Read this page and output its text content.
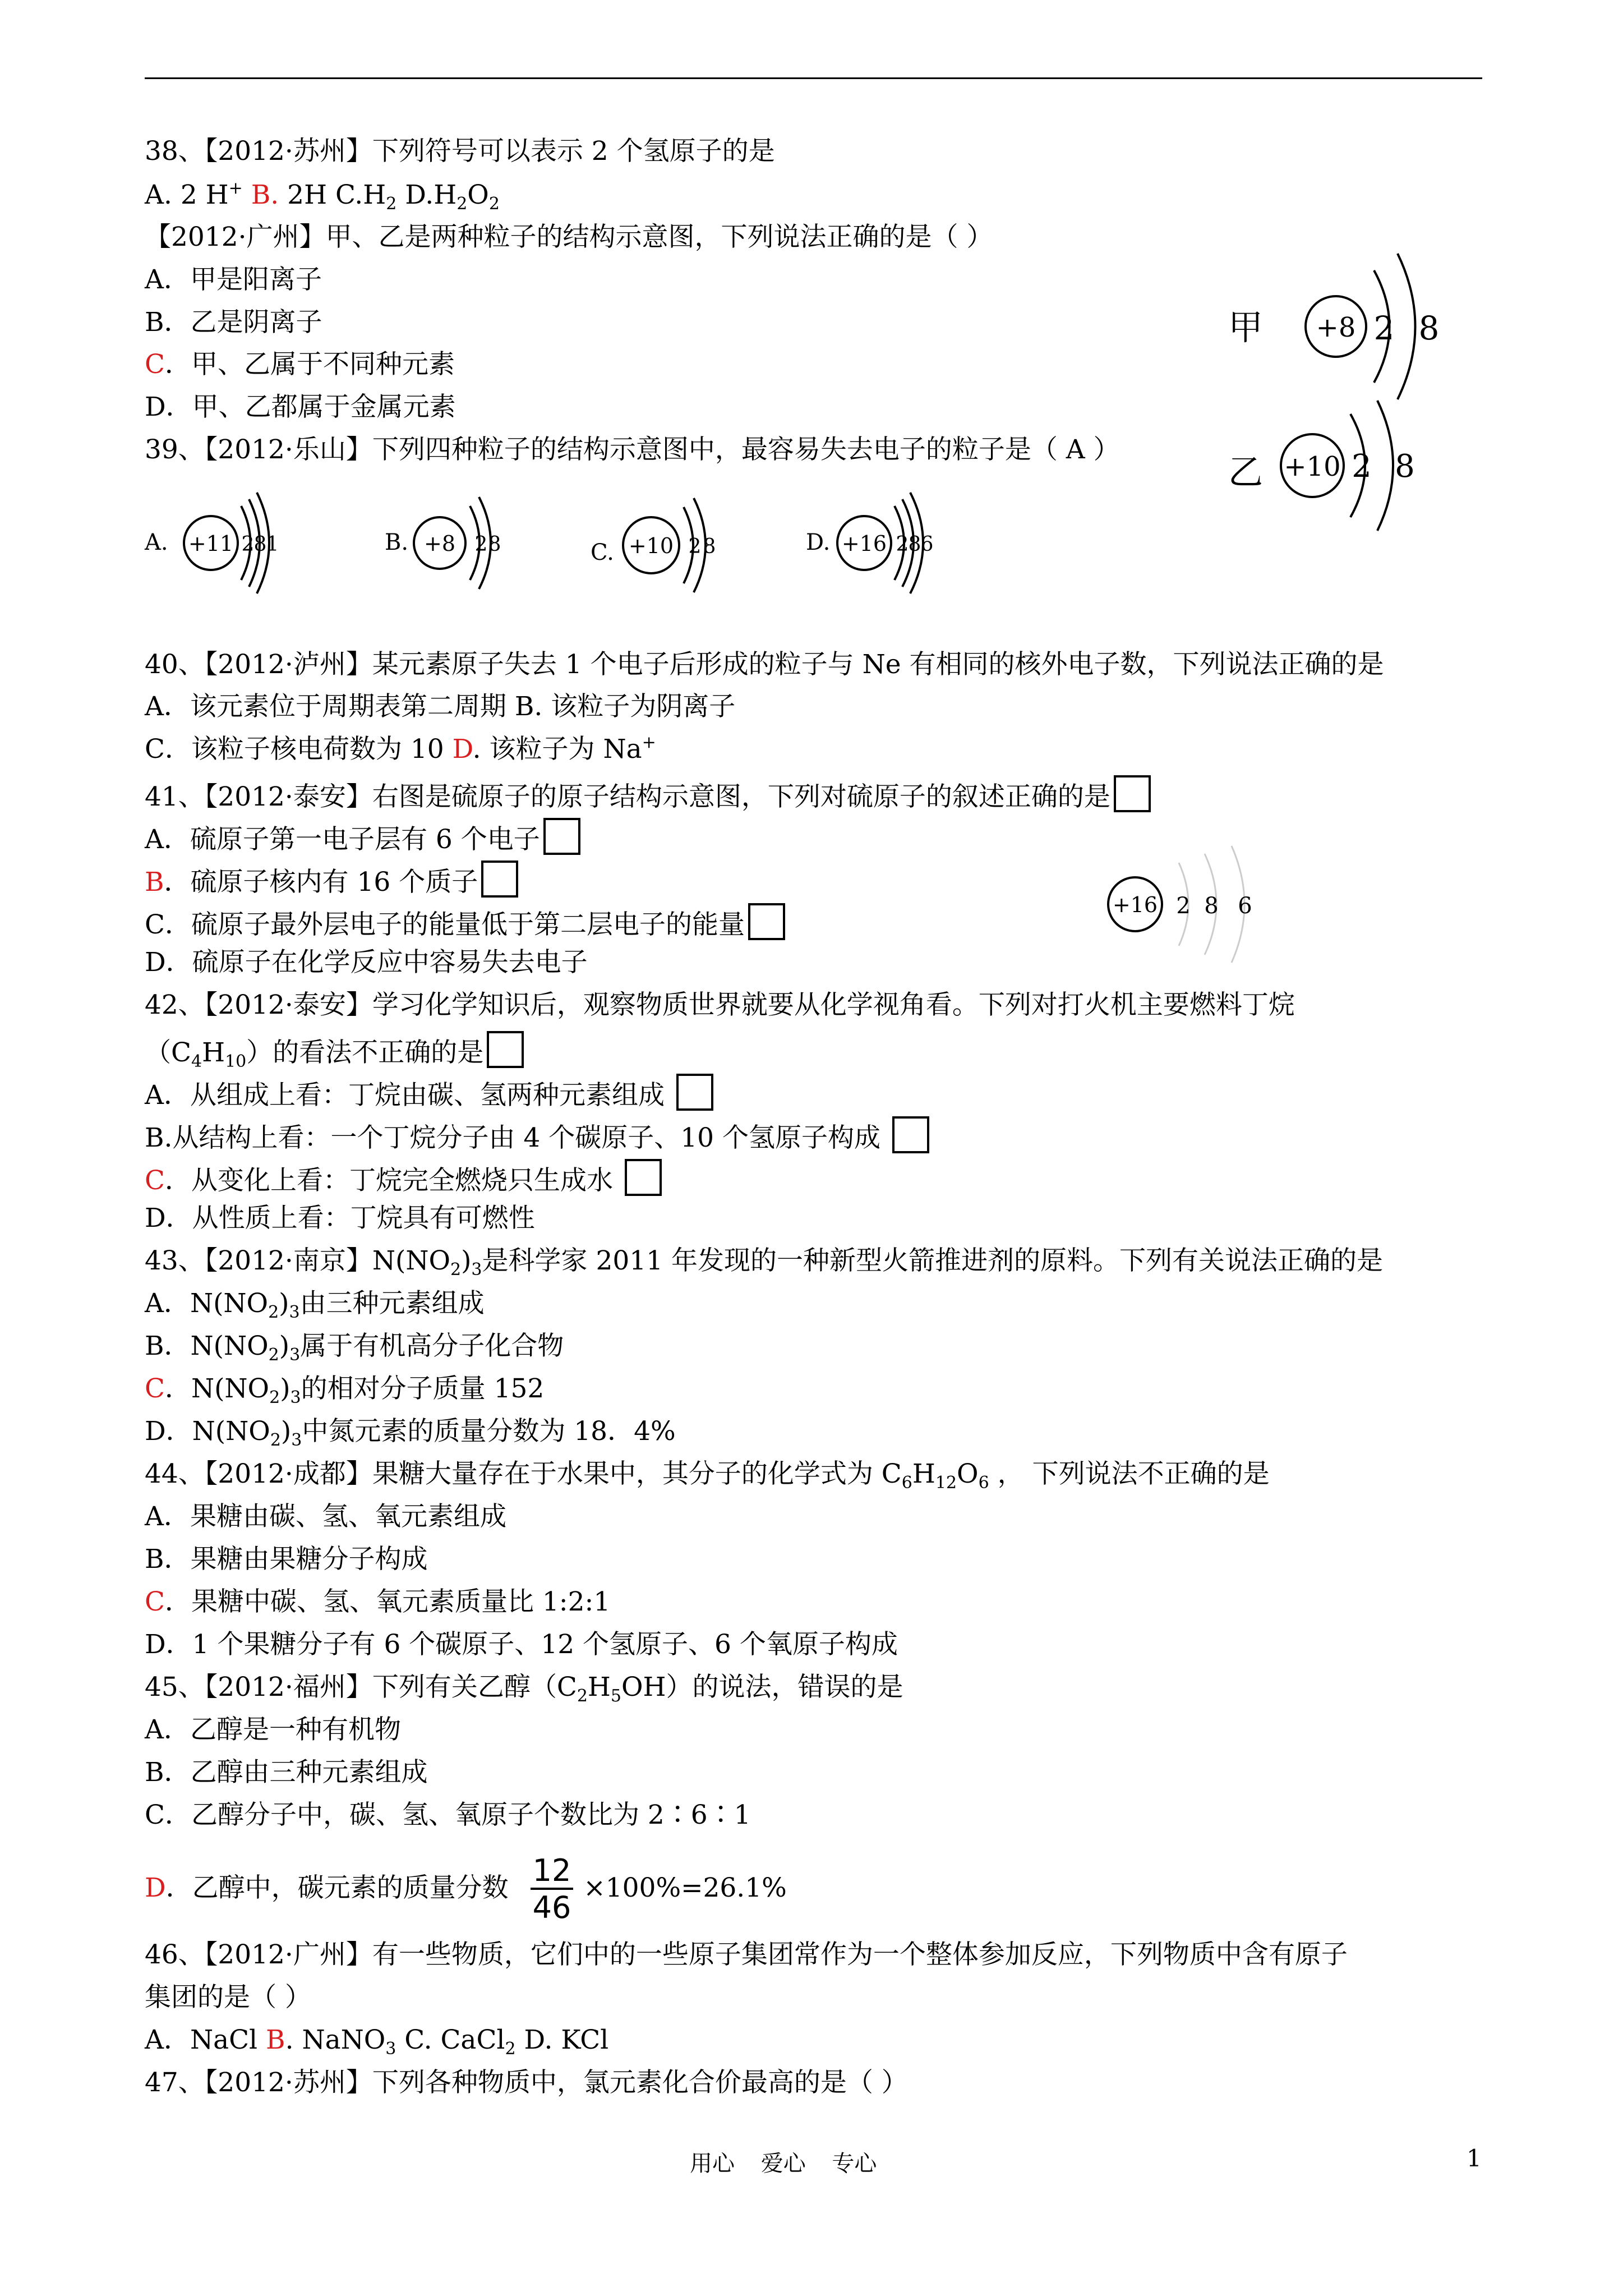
38、【2012·苏州】下列符号可以表示 2 个氢原子的是
A. 2 H+ B. 2H $C.H_2$ $D.H_2O_2$
【2012·广州】甲、乙是两种粒子的结构示意图，下列说法正确的是（ ）
A．甲是阳离子
B．乙是阴离子
C．甲、乙属于不同种元素
D．甲、乙都属于金属元素
39、【2012·乐山】下列四种粒子的结构示意图中，最容易失去电子的粒子是（ A ）
40、【2012·泸州】某元素原子失去 1 个电子后形成的粒子与 Ne 有相同的核外电子数，下列说法正确的是
A．该元素位于周期表第二周期 B. 该粒子为阴离子
C．该粒子核电荷数为 10 D. 该粒子为 Na+
41、【2012·泰安】右图是硫原子的原子结构示意图，下列对硫原子的叙述正确的是
A．硫原子第一电子层有 6 个电子
B．硫原子核内有 16 个质子
C．硫原子最外层电子的能量低于第二层电子的能量
D．硫原子在化学反应中容易失去电子
42、【2012·泰安】学习化学知识后，观察物质世界就要从化学视角看。下列对打火机主要燃料丁烷
$(C_4H_{10})$的看法不正确的是
A．从组成上看：丁烷由碳、氢两种元素组成
B.从结构上看：一个丁烷分子由 4 个碳原子、10 个氢原子构成
C．从变化上看：丁烷完全燃烧只生成水
D．从性质上看：丁烷具有可燃性
43、【2012·南京】$N(NO_2)_3$是科学家 2011 年发现的一种新型火箭推进剂的原料。下列有关说法正确的是
A．$N(NO_2)_3$由三种元素组成
B．$N(NO_2)_3$属于有机高分子化合物
C．$N(NO_2)_3$的相对分子质量 152
D．$N(NO_2)_3$中氮元素的质量分数为 18．4%
44、【2012·成都】果糖大量存在于水果中，其分子的化学式为 $C_6H_{12}O_6$ ， 下列说法不正确的是
A．果糖由碳、氢、氧元素组成
B．果糖由果糖分子构成
C．果糖中碳、氢、氧元素质量比 1:2:1
D．1 个果糖分子有 6 个碳原子、12 个氢原子、6 个氧原子构成
45、【2012·福州】下列有关乙醇$(C_2H_5OH)$的说法，错误的是
A．乙醇是一种有机物
B．乙醇由三种元素组成
C．乙醇分子中，碳、氢、氧原子个数比为 2∶6∶1
46、【2012·广州】有一些物质，它们中的一些原子集团常作为一个整体参加反应，下列物质中含有原子
集团的是（ ）
A．NaCl B. NaNO$_3$ C. CaCl$_2$ D. KCl
47、【2012·苏州】下列各种物质中，氯元素化合价最高的是（ ）
D．乙醇中，碳元素的质量分数 $\frac{12}{46} \times 100\%=26.1\%$
甲 +8 2 8
乙 +10 2 8
A. +11 2 8 1	B. +8 2 8	C. +10 2 8	D. +16 2 8 6
+16 2 8 6
用心 爱心 专心	1
